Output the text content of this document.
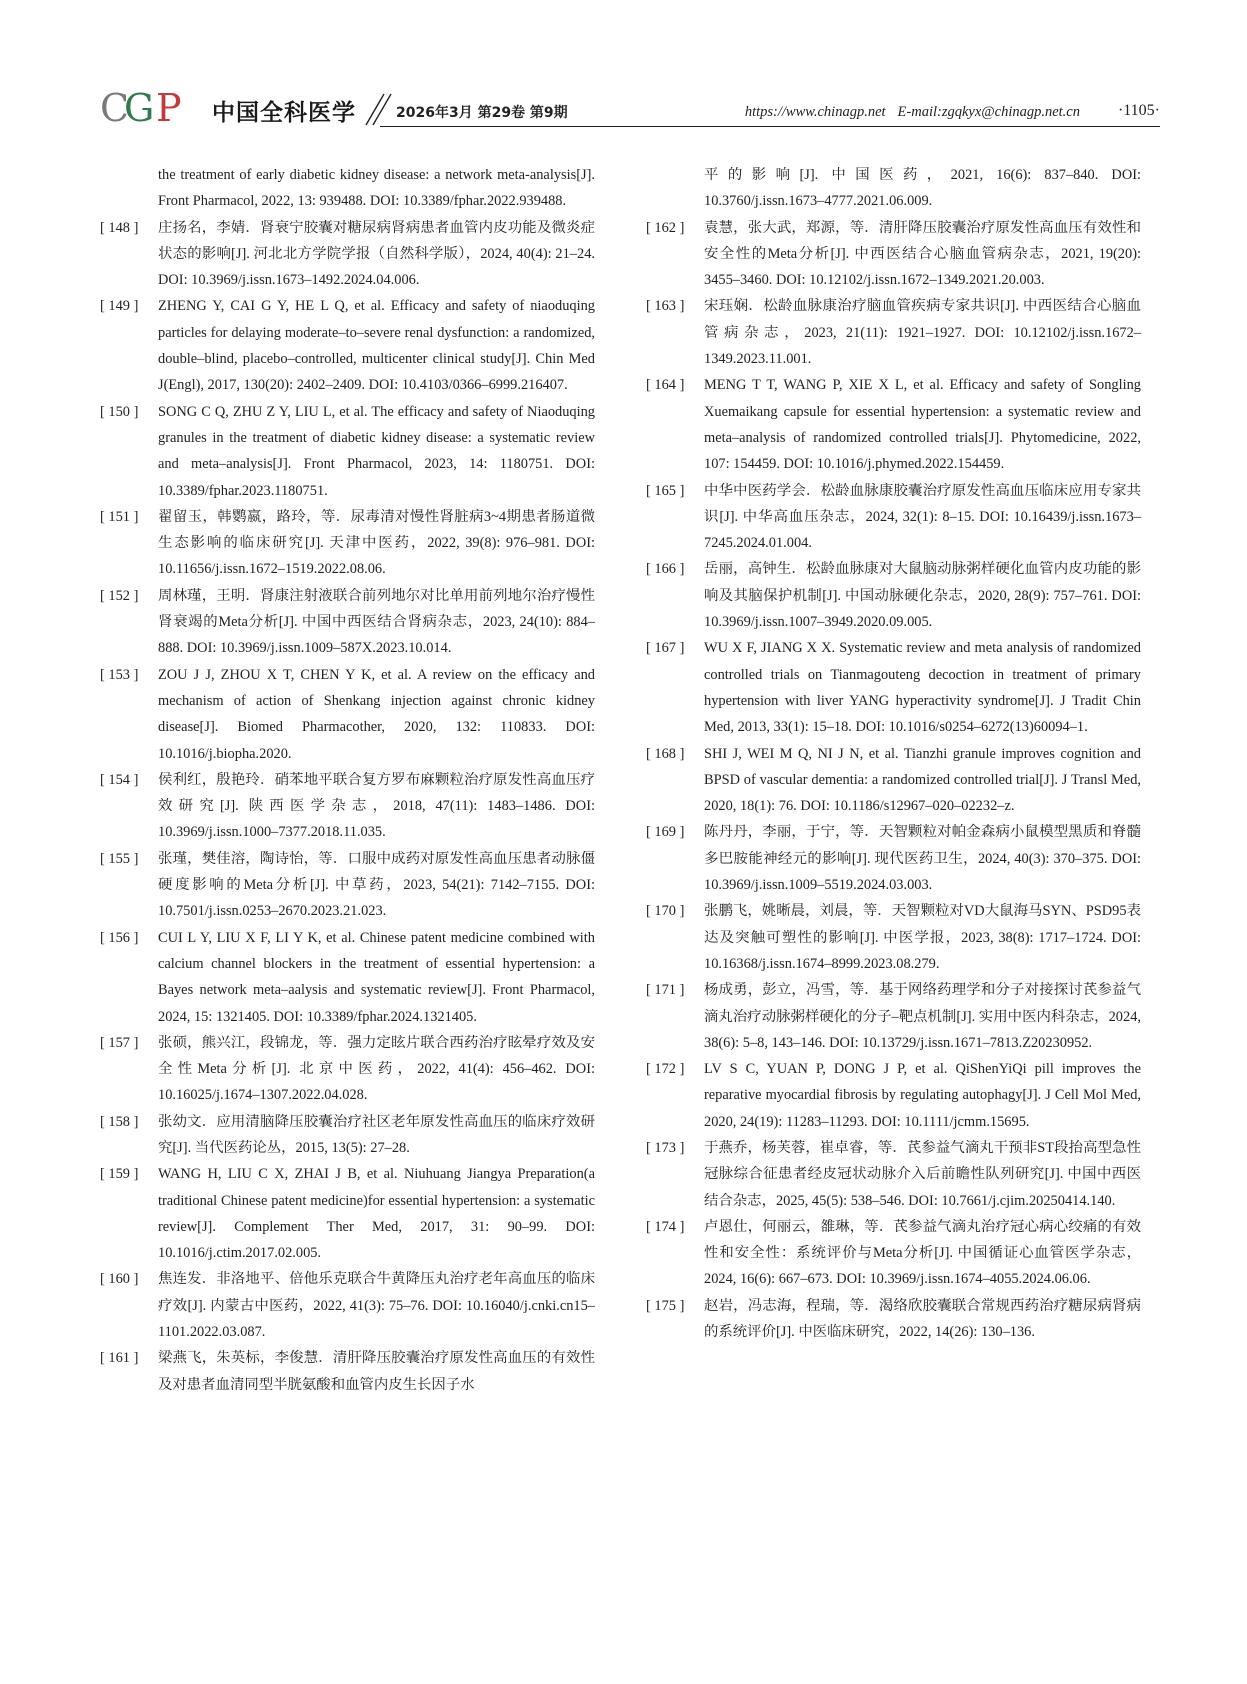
C
G P 中国全科医学	2026年3月 第29卷 第9期	https://www.chinagp.net E-mail:zgqkyx@chinagp.net.cn ·1105·
the treatment of early diabetic kidney disease: a network meta-analysis[J]. Front Pharmacol, 2022, 13: 939488. DOI: 10.3389/fphar.2022.939488.
[ 148 ]	庄扬名，李婧．肾衰宁胶囊对糖尿病肾病患者血管内皮功能及微炎症状态的影响[J]. 河北北方学院学报（自然科学版），2024, 40(4): 21–24. DOI: 10.3969/j.issn.1673–1492.2024.04.006.
[ 149 ]	ZHENG Y, CAI G Y, HE L Q, et al. Efficacy and safety of niaoduqing particles for delaying moderate–to–severe renal dysfunction: a randomized, double–blind, placebo–controlled, multicenter clinical study[J]. Chin Med J(Engl), 2017, 130(20): 2402–2409. DOI: 10.4103/0366–6999.216407.
[ 150 ]	SONG C Q, ZHU Z Y, LIU L, et al. The efficacy and safety of Niaoduqing granules in the treatment of diabetic kidney disease: a systematic review and meta–analysis[J]. Front Pharmacol, 2023, 14: 1180751. DOI: 10.3389/fphar.2023.1180751.
[ 151 ]	翟留玉，韩鹦嬴，路玲，等．尿毒清对慢性肾脏病3~4期患者肠道微生态影响的临床研究[J]. 天津中医药，2022, 39(8): 976–981. DOI: 10.11656/j.issn.1672–1519.2022.08.06.
[ 152 ]	周林瑾，王明．肾康注射液联合前列地尔对比单用前列地尔治疗慢性肾衰竭的Meta分析[J]. 中国中西医结合肾病杂志，2023, 24(10): 884–888. DOI: 10.3969/j.issn.1009–587X.2023.10.014.
[ 153 ]	ZOU J J, ZHOU X T, CHEN Y K, et al. A review on the efficacy and mechanism of action of Shenkang injection against chronic kidney disease[J]. Biomed Pharmacother, 2020, 132: 110833. DOI: 10.1016/j.biopha.2020.
[ 154 ]	侯利红，殷艳玲．硝苯地平联合复方罗布麻颗粒治疗原发性高血压疗效研究[J]. 陕西医学杂志，2018, 47(11): 1483–1486. DOI: 10.3969/j.issn.1000–7377.2018.11.035.
[ 155 ]	张瑾，樊佳溶，陶诗怡，等．口服中成药对原发性高血压患者动脉僵硬度影响的Meta分析[J]. 中草药，2023, 54(21): 7142–7155. DOI: 10.7501/j.issn.0253–2670.2023.21.023.
[ 156 ]	CUI L Y, LIU X F, LI Y K, et al. Chinese patent medicine combined with calcium channel blockers in the treatment of essential hypertension: a Bayes network meta–aalysis and systematic review[J]. Front Pharmacol, 2024, 15: 1321405. DOI: 10.3389/fphar.2024.1321405.
[ 157 ]	张硕，熊兴江，段锦龙，等．强力定眩片联合西药治疗眩晕疗效及安全性Meta分析[J]. 北京中医药，2022, 41(4): 456–462. DOI: 10.16025/j.1674–1307.2022.04.028.
[ 158 ]	张幼文．应用清脑降压胶囊治疗社区老年原发性高血压的临床疗效研究[J]. 当代医药论丛，2015, 13(5): 27–28.
[ 159 ]	WANG H, LIU C X, ZHAI J B, et al. Niuhuang Jiangya Preparation(a traditional Chinese patent medicine)for essential hypertension: a systematic review[J]. Complement Ther Med, 2017, 31: 90–99. DOI: 10.1016/j.ctim.2017.02.005.
[ 160 ]	焦连发．非洛地平、倍他乐克联合牛黄降压丸治疗老年高血压的临床疗效[J]. 内蒙古中医药，2022, 41(3): 75–76. DOI: 10.16040/j.cnki.cn15–1101.2022.03.087.
[ 161 ]	梁燕飞，朱英标，李俊慧．清肝降压胶囊治疗原发性高血压的有效性及对患者血清同型半胱氨酸和血管内皮生长因子水
平的影响[J]. 中国医药，2021, 16(6): 837–840. DOI: 10.3760/j.issn.1673–4777.2021.06.009.
[ 162 ]	袁慧，张大武，郑源，等．清肝降压胶囊治疗原发性高血压有效性和安全性的Meta分析[J]. 中西医结合心脑血管病杂志，2021, 19(20): 3455–3460. DOI: 10.12102/j.issn.1672–1349.2021.20.003.
[ 163 ]	宋珏娴．松龄血脉康治疗脑血管疾病专家共识[J]. 中西医结合心脑血管病杂志，2023, 21(11): 1921–1927. DOI: 10.12102/j.issn.1672–1349.2023.11.001.
[ 164 ]	MENG T T, WANG P, XIE X L, et al. Efficacy and safety of Songling Xuemaikang capsule for essential hypertension: a systematic review and meta–analysis of randomized controlled trials[J]. Phytomedicine, 2022, 107: 154459. DOI: 10.1016/j.phymed.2022.154459.
[ 165 ]	中华中医药学会．松龄血脉康胶囊治疗原发性高血压临床应用专家共识[J]. 中华高血压杂志，2024, 32(1): 8–15. DOI: 10.16439/j.issn.1673–7245.2024.01.004.
[ 166 ]	岳丽，高钟生．松龄血脉康对大鼠脑动脉粥样硬化血管内皮功能的影响及其脑保护机制[J]. 中国动脉硬化杂志，2020, 28(9): 757–761. DOI: 10.3969/j.issn.1007–3949.2020.09.005.
[ 167 ]	WU X F, JIANG X X. Systematic review and meta analysis of randomized controlled trials on Tianmagouteng decoction in treatment of primary hypertension with liver YANG hyperactivity syndrome[J]. J Tradit Chin Med, 2013, 33(1): 15–18. DOI: 10.1016/s0254–6272(13)60094–1.
[ 168 ]	SHI J, WEI M Q, NI J N, et al. Tianzhi granule improves cognition and BPSD of vascular dementia: a randomized controlled trial[J]. J Transl Med, 2020, 18(1): 76. DOI: 10.1186/s12967–020–02232–z.
[ 169 ]	陈丹丹，李丽，于宁，等．天智颗粒对帕金森病小鼠模型黑质和脊髓多巴胺能神经元的影响[J]. 现代医药卫生，2024, 40(3): 370–375. DOI: 10.3969/j.issn.1009–5519.2024.03.003.
[ 170 ]	张鹏飞，姚晰晨，刘晨，等．天智颗粒对VD大鼠海马SYN、PSD95表达及突触可塑性的影响[J]. 中医学报，2023, 38(8): 1717–1724. DOI: 10.16368/j.issn.1674–8999.2023.08.279.
[ 171 ]	杨成勇，彭立，冯雪，等．基于网络药理学和分子对接探讨芪参益气滴丸治疗动脉粥样硬化的分子–靶点机制[J]. 实用中医内科杂志，2024, 38(6): 5–8, 143–146. DOI: 10.13729/j.issn.1671–7813.Z20230952.
[ 172 ]	LV S C, YUAN P, DONG J P, et al. QiShenYiQi pill improves the reparative myocardial fibrosis by regulating autophagy[J]. J Cell Mol Med, 2020, 24(19): 11283–11293. DOI: 10.1111/jcmm.15695.
[ 173 ]	于燕乔，杨芙蓉，崔卓睿，等．芪参益气滴丸干预非ST段抬高型急性冠脉综合征患者经皮冠状动脉介入后前瞻性队列研究[J]. 中国中西医结合杂志，2025, 45(5): 538–546. DOI: 10.7661/j.cjim.20250414.140.
[ 174 ]	卢恩仕，何丽云，雒琳，等．芪参益气滴丸治疗冠心病心绞痛的有效性和安全性：系统评价与Meta分析[J]. 中国循证心血管医学杂志，2024, 16(6): 667–673. DOI: 10.3969/j.issn.1674–4055.2024.06.06.
[ 175 ]	赵岩，冯志海，程瑞，等．渴络欣胶囊联合常规西药治疗糖尿病肾病的系统评价[J]. 中医临床研究，2022, 14(26): 130–136.
